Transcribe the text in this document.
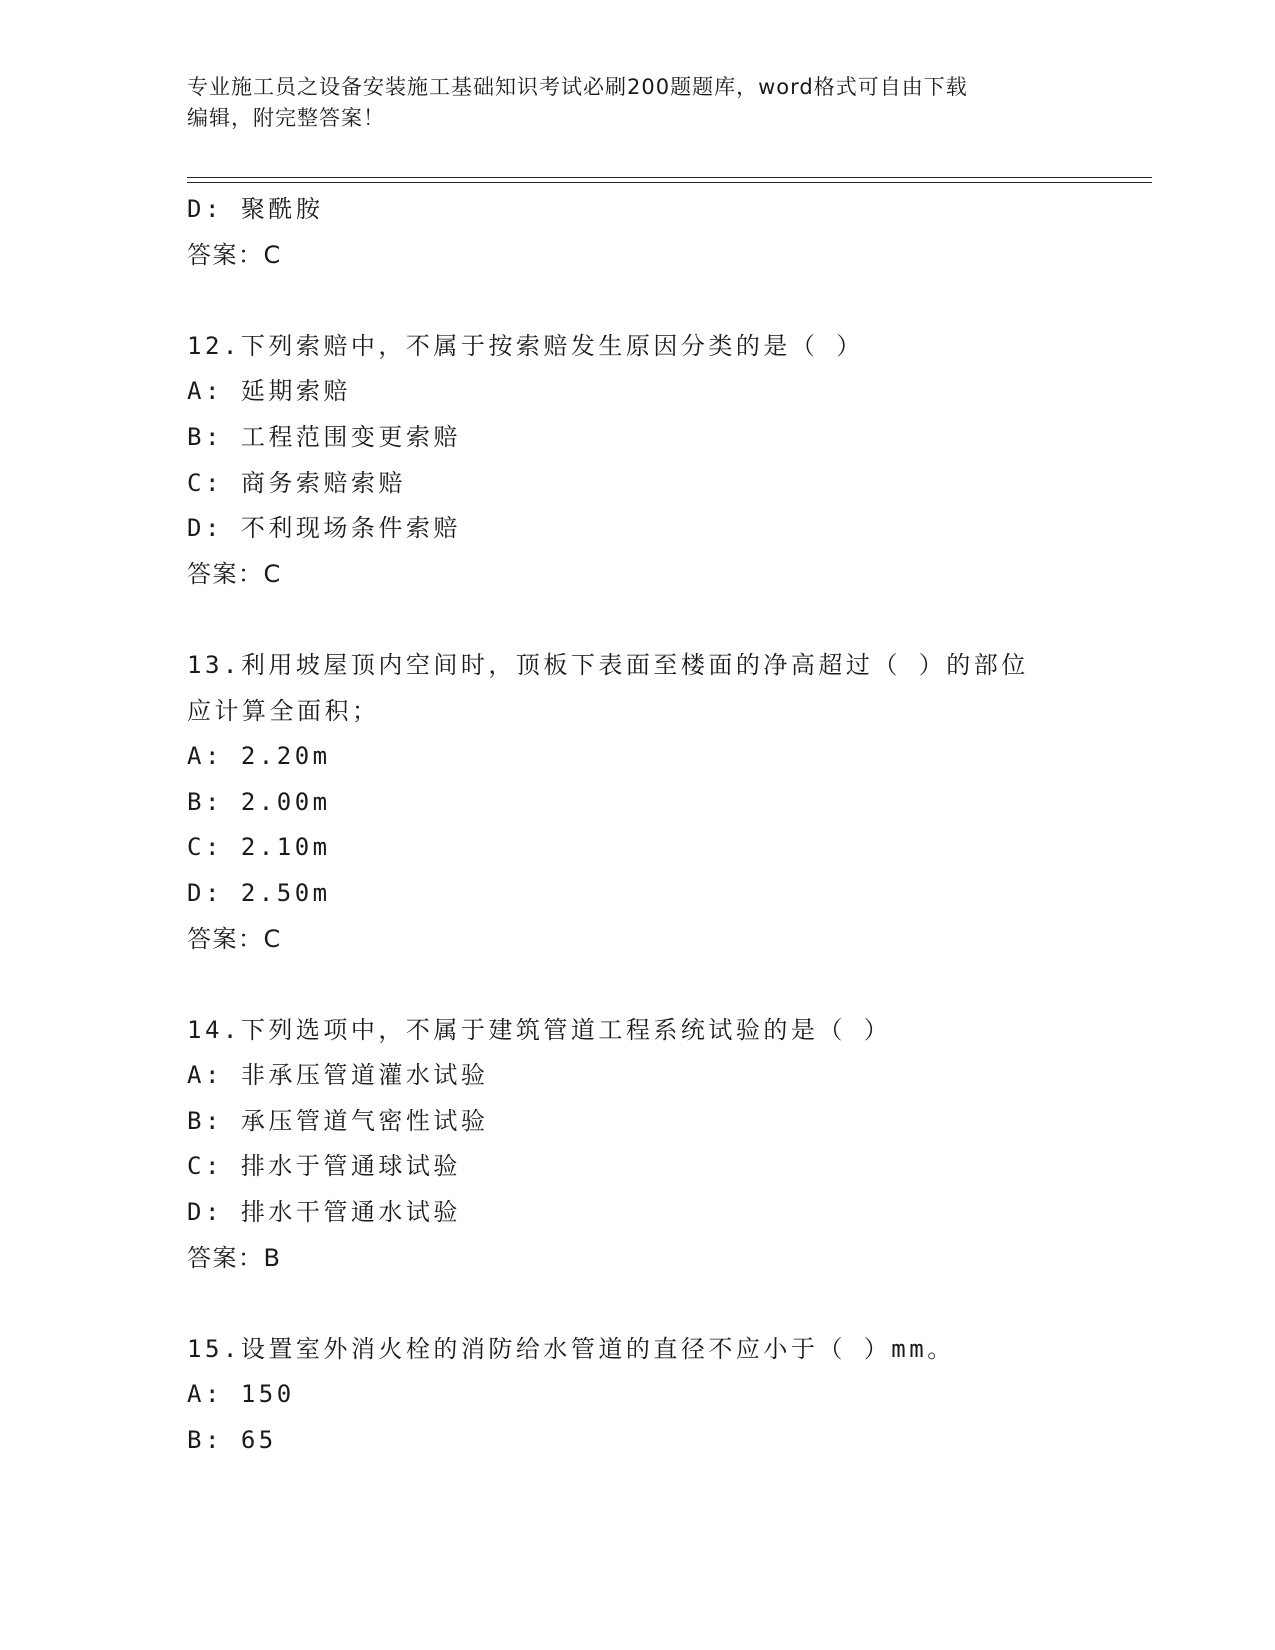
专业施工员之设备安装施工基础知识考试必刷200题题库，word格式可自由下载
编辑，附完整答案！
D: 聚酰胺
答案：C
12.下列索赔中，不属于按索赔发生原因分类的是（ ）
A: 延期索赔
B: 工程范围变更索赔
C: 商务索赔索赔
D: 不利现场条件索赔
答案：C
13.利用坡屋顶内空间时，顶板下表面至楼面的净高超过（ ）的部位
应计算全面积；
A: 2.20m
B: 2.00m
C: 2.10m
D: 2.50m
答案：C
14.下列选项中，不属于建筑管道工程系统试验的是（ ）
A: 非承压管道灌水试验
B: 承压管道气密性试验
C: 排水于管通球试验
D: 排水干管通水试验
答案：B
15.设置室外消火栓的消防给水管道的直径不应小于（ ）mm。
A: 150
B: 65
